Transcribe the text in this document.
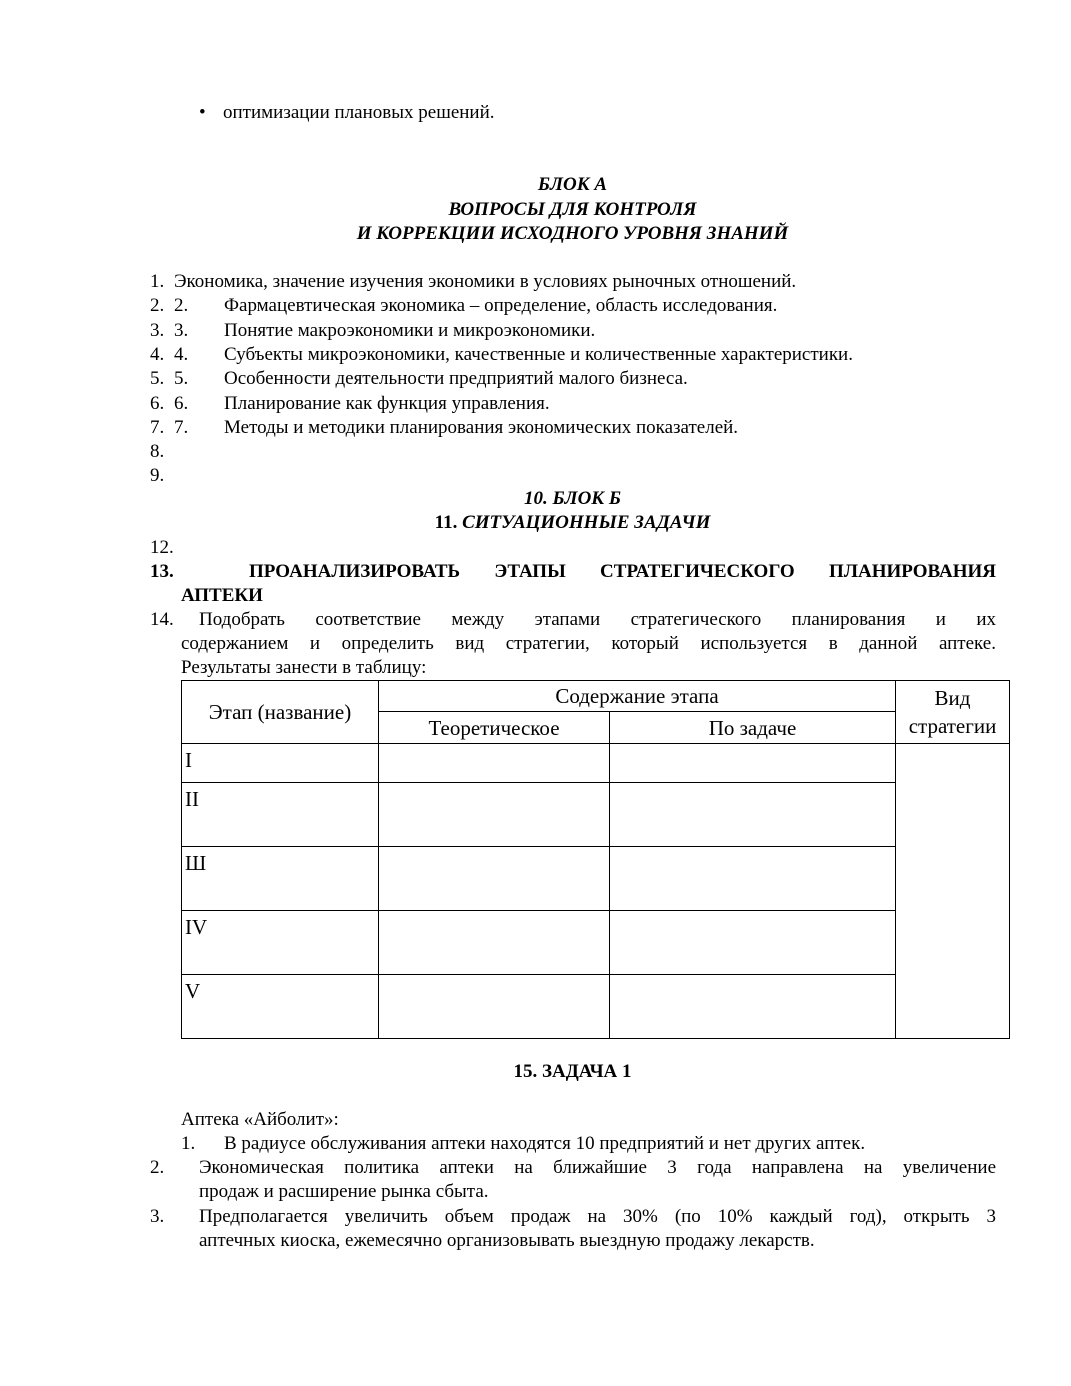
• оптимизации плановых решений.
БЛОК А
ВОПРОСЫ ДЛЯ КОНТРОЛЯ
И КОРРЕКЦИИ ИСХОДНОГО УРОВНЯ ЗНАНИЙ
1. Экономика, значение изучения экономики в условиях рыночных отношений.
2. 2. Фармацевтическая экономика – определение, область исследования.
3. 3. Понятие макроэкономики и микроэкономики.
4. 4. Субъекты микроэкономики, качественные и количественные характеристики.
5. 5. Особенности деятельности предприятий малого бизнеса.
6. 6. Планирование как функция управления.
7. 7. Методы и методики планирования экономических показателей.
8.
9.
10. БЛОК Б
11. СИТУАЦИОННЫЕ ЗАДАЧИ
12.
13.	ПРОАНАЛИЗИРОВАТЬ ЭТАПЫ СТРАТЕГИЧЕСКОГО ПЛАНИРОВАНИЯ
АПТЕКИ
14. Подобрать соответствие между этапами стратегического планирования и их
содержанием и определить вид стратегии, который используется в данной аптеке.
Результаты занести в таблицу:
Этап (название)	Содержание этапа		Вид
стратегии
	Теоретическое	По задаче	
I			
II			
Ш			
IV			
V			
15. ЗАДАЧА 1
Аптека «Айболит»:
1. В радиусе обслуживания аптеки находятся 10 предприятий и нет других аптек.
2. Экономическая политика аптеки на ближайшие 3 года направлена на увеличение
продаж и расширение рынка сбыта.
3. Предполагается увеличить объем продаж на 30% (по 10% каждый год), открыть 3
аптечных киоска, ежемесячно организовывать выездную продажу лекарств.
